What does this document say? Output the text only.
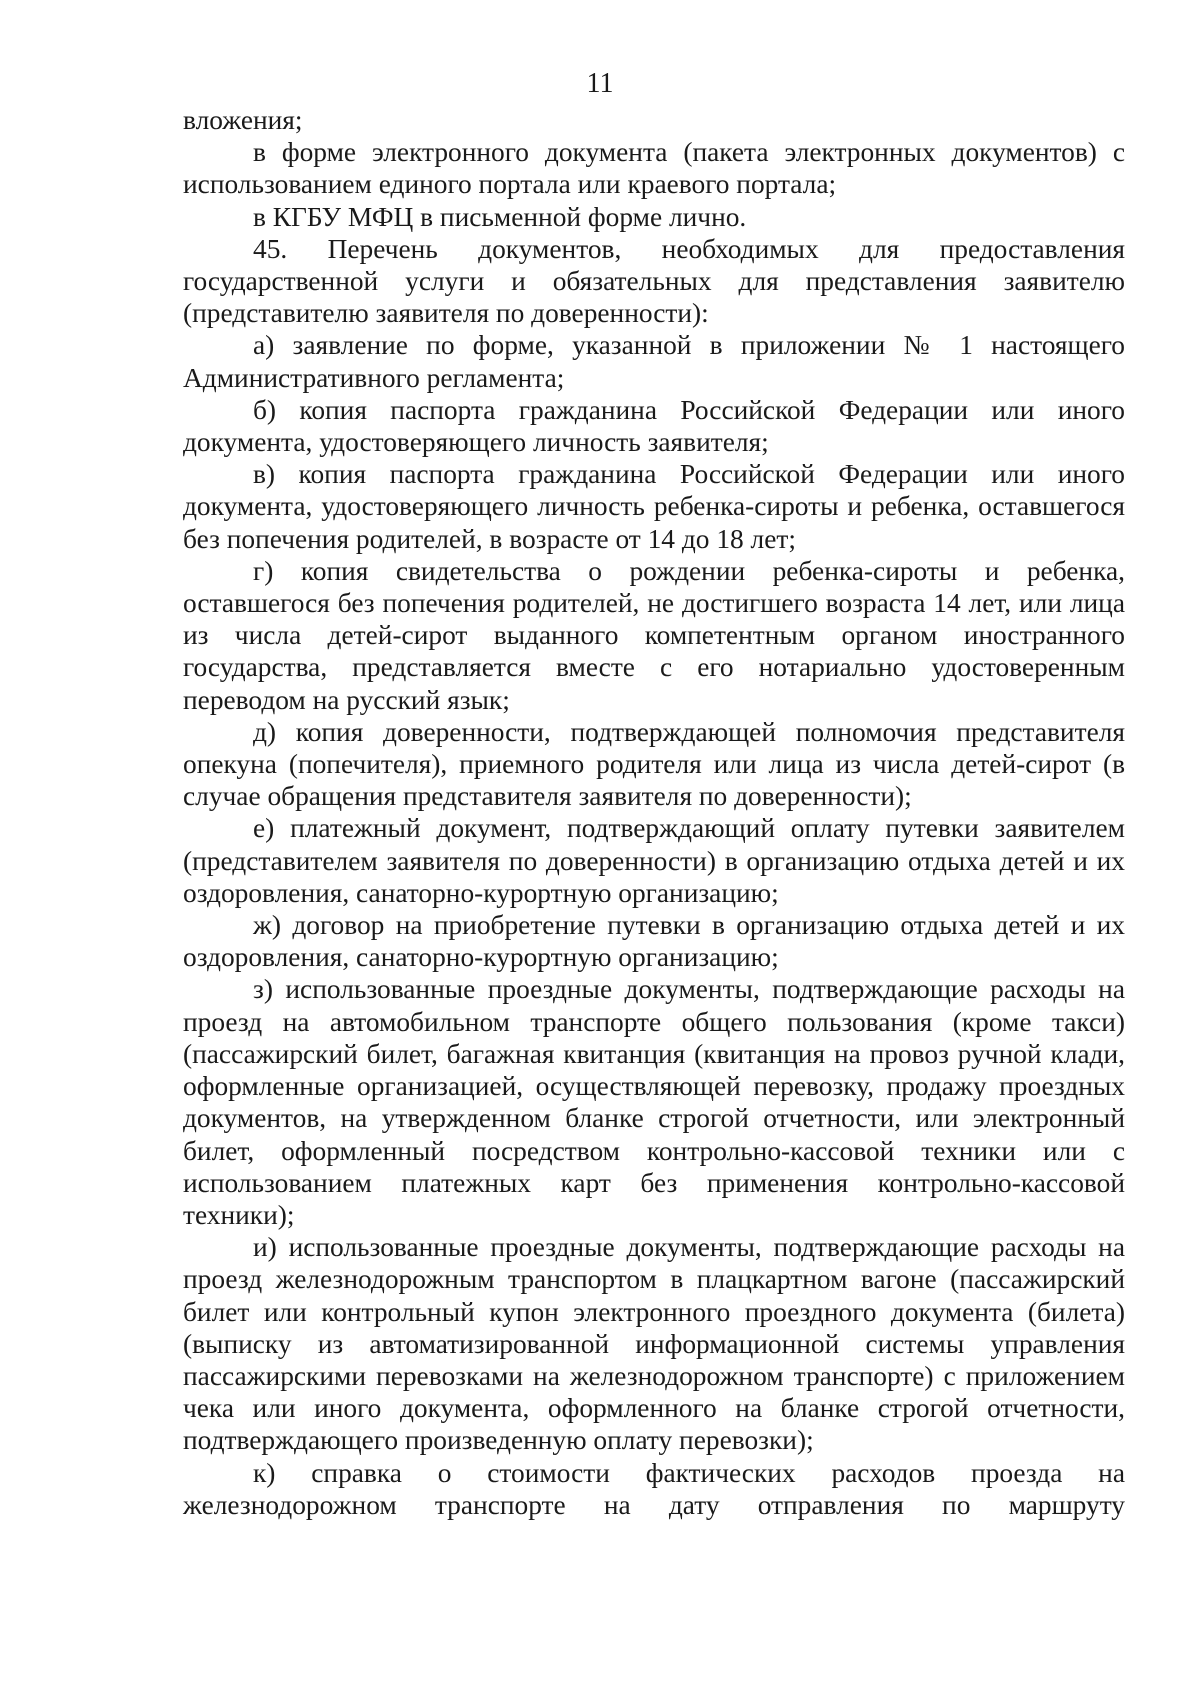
11

вложения;

в форме электронного документа (пакета электронных документов) с использованием единого портала или краевого портала;

в КГБУ МФЦ в письменной форме лично.

45. Перечень документов, необходимых для предоставления государственной услуги и обязательных для представления заявителю (представителю заявителя по доверенности):

а) заявление по форме, указанной в приложении № 1 настоящего Административного регламента;

б) копия паспорта гражданина Российской Федерации или иного документа, удостоверяющего личность заявителя;

в) копия паспорта гражданина Российской Федерации или иного документа, удостоверяющего личность ребенка-сироты и ребенка, оставшегося без попечения родителей, в возрасте от 14 до 18 лет;

г) копия свидетельства о рождении ребенка-сироты и ребенка, оставшегося без попечения родителей, не достигшего возраста 14 лет, или лица из числа детей-сирот выданного компетентным органом иностранного государства, представляется вместе с его нотариально удостоверенным переводом на русский язык;

д) копия доверенности, подтверждающей полномочия представителя опекуна (попечителя), приемного родителя или лица из числа детей-сирот (в случае обращения представителя заявителя по доверенности);

е) платежный документ, подтверждающий оплату путевки заявителем (представителем заявителя по доверенности) в организацию отдыха детей и их оздоровления, санаторно-курортную организацию;

ж) договор на приобретение путевки в организацию отдыха детей и их оздоровления, санаторно-курортную организацию;

з) использованные проездные документы, подтверждающие расходы на проезд на автомобильном транспорте общего пользования (кроме такси) (пассажирский билет, багажная квитанция (квитанция на провоз ручной клади, оформленные организацией, осуществляющей перевозку, продажу проездных документов, на утвержденном бланке строгой отчетности, или электронный билет, оформленный посредством контрольно-кассовой техники или с использованием платежных карт без применения контрольно-кассовой техники);

и) использованные проездные документы, подтверждающие расходы на проезд железнодорожным транспортом в плацкартном вагоне (пассажирский билет или контрольный купон электронного проездного документа (билета) (выписку из автоматизированной информационной системы управления пассажирскими перевозками на железнодорожном транспорте) с приложением чека или иного документа, оформленного на бланке строгой отчетности, подтверждающего произведенную оплату перевозки);

к) справка о стоимости фактических расходов проезда на железнодорожном транспорте на дату отправления по маршруту
